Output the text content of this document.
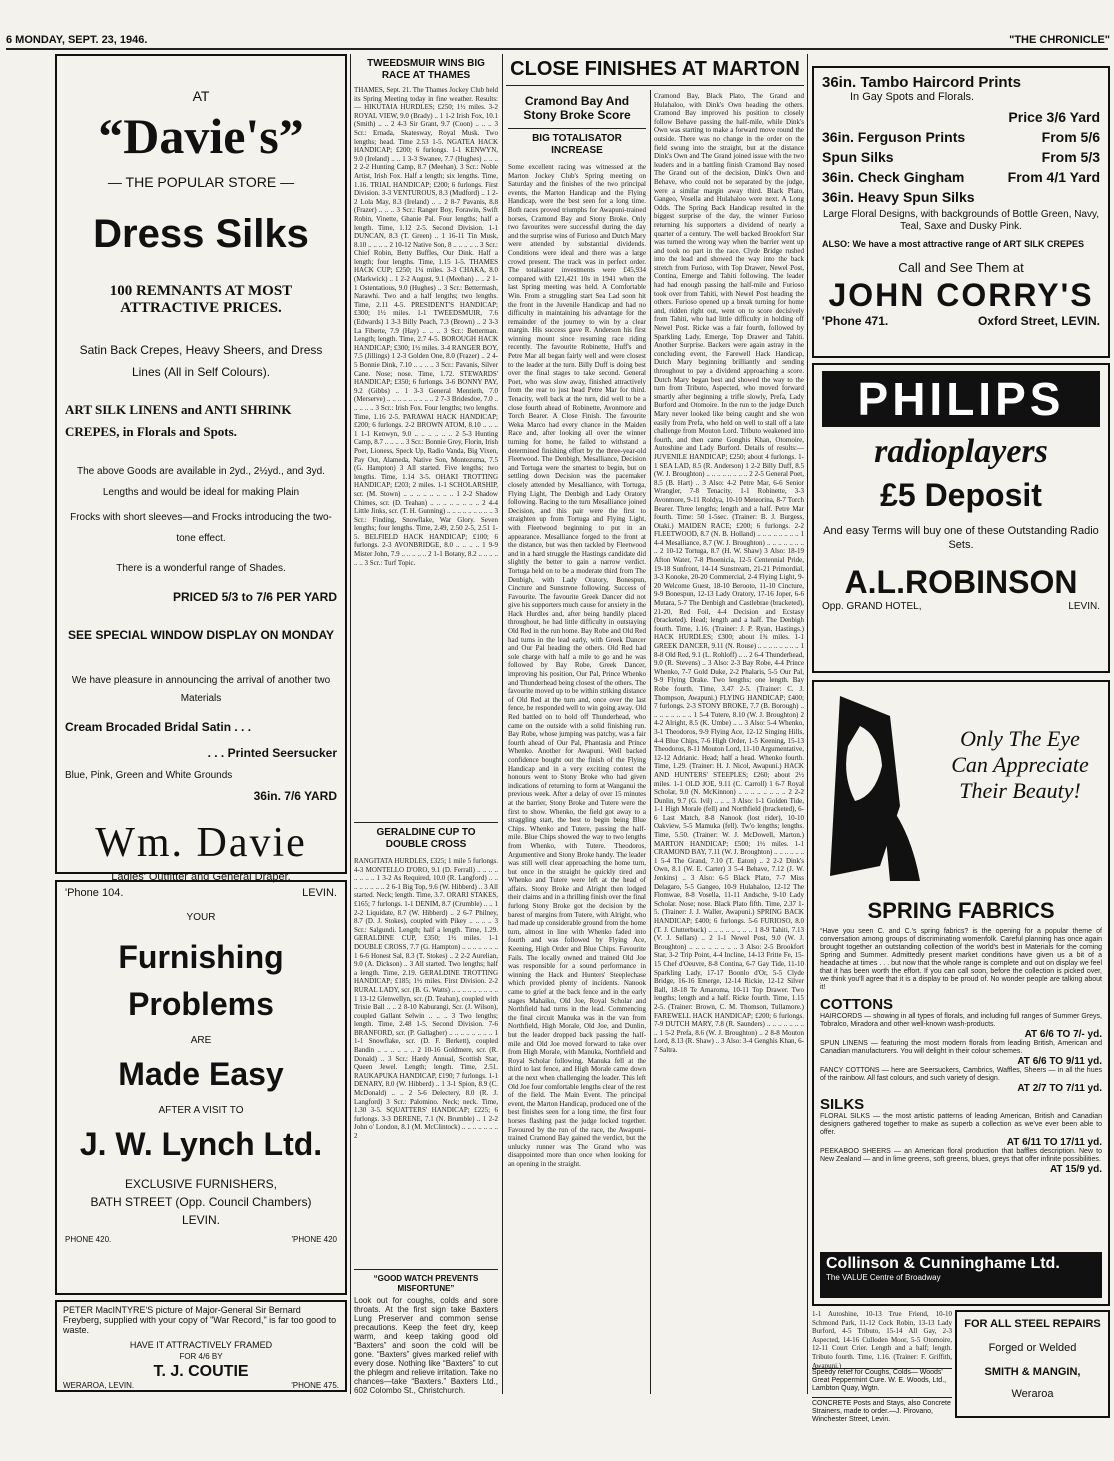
6 MONDAY, SEPT. 23, 1946.	"THE CHRONICLE"
AT
“Davie's”
— THE POPULAR STORE —
Dress Silks
100 REMNANTS AT MOST ATTRACTIVE PRICES.
Satin Back Crepes, Heavy Sheers, and Dress Lines (All in Self Colours).
ART SILK LINENS and ANTI SHRINK CREPES, in Florals and Spots.
The above Goods are available in 2yd., 2½yd., and 3yd. Lengths and would be ideal for making Plain
Frocks with short sleeves—and Frocks introducing the two-tone effect.
There is a wonderful range of Shades.
PRICED 5/3 to 7/6 PER YARD
SEE SPECIAL WINDOW DISPLAY ON MONDAY
We have pleasure in announcing the arrival of another two Materials
Cream Brocaded Bridal Satin . . .
. . . Printed Seersucker
Blue, Pink, Green and White Grounds
36in. 7/6 YARD
Wm. Davie
Ladies' Outfitter and General Draper.
'Phone 104.	LEVIN.
YOUR
Furnishing
Problems
ARE
Made Easy
AFTER A VISIT TO
J. W. Lynch Ltd.
EXCLUSIVE FURNISHERS,
BATH STREET (Opp. Council Chambers)
LEVIN.
PHONE 420.	'PHONE 420
PETER MacINTYRE'S picture of Major-General Sir Bernard Freyberg, supplied with your copy of "War Record," is far too good to waste.
HAVE IT ATTRACTIVELY FRAMED
FOR 4/6 BY
T. J. COUTIE
WERAROA, LEVIN.	'PHONE 475.
TWEEDSMUIR WINS BIG RACE AT THAMES
THAMES, Sept. 21. The Thames Jockey Club held its Spring Meeting today in fine weather. Results:— HIKUTAIA HURDLES; £250; 1½ miles. 3-2 ROYAL VIEW, 9.0 (Brady) .. 1 1-2 Irish Fox, 10.1 (Smith) .. .. 2 4-3 Sir Grant, 9.7 (Coon) .. .. .. 3 Scr.: Ernada, Skatesway, Royal Musk. Two lengths; head. Time 2.53 1-5. NGATEA HACK HANDICAP; £200; 6 furlongs. 1-1 KENWYN, 9.0 (Ireland) .. .. 1 3-3 Swanee, 7.7 (Hughes) .. .. .. 2 2-2 Hunting Camp, 8.7 (Meehan). 3 Scr.: Noble Artist, Irish Fox. Half a length; six lengths. Time, 1.16. TRIAL HANDICAP; £200; 6 furlongs. First Division. 3-3 VENTUROUS, 8.3 (Mudford) .. 1 2-2 Lola May, 8.3 (Ireland) .. .. 2 8-7 Pavanis, 8.8 (Frazer) .. .. .. 3 Scr.: Ranger Boy, Forawin, Swift Robin, Vinette, Ghanie Pal. Four lengths; half a length. Time, 1.12 2-5. Second Division. 1-1 DUNCAN, 8.3 (T. Green) .. 1 16-11 Tin Musk, 8.10 .. .. .. .. 2 10-12 Native Son, 8 .. .. .. .. .. 3 Scr.: Chief Robin, Betty Buffles, Our Dink. Half a length; four lengths. Time, 1.15 1-5. THAMES HACK CUP; £250; 1¼ miles. 3-3 CHAKA, 8.0 (Markwick) .. 1 2-2 August, 9.1 (Meehan) .. .. 2 1-1 Ostentatious, 9.0 (Hughes) .. 3 Scr.: Bettermash, Narawhi. Two and a half lengths; two lengths. Time, 2.11 4-5. PRESIDENT'S HANDICAP; £300; 1½ miles. 1-1 TWEEDSMUIR, 7.6 (Edwards) 1 3-3 Billy Peach, 7.3 (Brown) .. 2 3-3 La Fiberte, 7.9 (Hay) .. .. .. 3 Scr.: Betterman. Length; length. Time, 2.7 4-5. BOROUGH HACK HANDICAP; £300; 1½ miles. 3-4 RANGER BOY, 7.5 (Jillings) 1 2-3 Golden One, 8.0 (Frazer) .. 2 4-5 Bonnie Dink, 7.10 .. .. .. .. 3 Scr.: Pavanis, Silver Cane. Nose; nose. Time, 1.72. STEWARDS' HANDICAP; £350; 6 furlongs. 3-6 BONNY PAY, 9.2 (Gibbs) .. 1 3-3 General Mentieth, 7.0 (Merserve) .. .. .. .. .. .. .. .. .. 2 7-3 Bridesdoe, 7.0 .. .. .. .. .. 3 Scr.: Irish Fox. Four lengths; two lengths. Time, 1.16 2-5. PARAWAI HACK HANDICAP; £200; 6 furlongs. 2-2 BROWN ATOM, 8.10 .. .. .. 1 1-1 Kenwyn, 9.0 .. .. .. .. .. .. 2 5-3 Hunting Camp, 8.7 .. .. .. .. 3 Scr.: Bonnie Grey, Florin, Irish Poet, Lioness, Speck Up, Radio Vanda, Big Vixen, Pay Out, Alameda, Native Son, Montezuma, 7.5 (G. Hampton) 3 All started. Five lengths; two lengths. Time, 1.14 3-5. OHAKI TROTTING HANDICAP; £203; 2 miles. 1-1 SCHOLARSHIP, scr. (M. Stown) .. .. .. .. .. .. .. .. 1 2-2 Shadow Chimes, scr. (D. Teahan) .. .. .. .. .. .. .. .. 2 4-4 Little Jinks, scr. (T. H. Gunning) .. .. .. .. .. .. .. .. .. 3 Scr.: Finding, Snowflake, War Glory. Seven lengths; four lengths. Time, 2.49, 2.50 2-5, 2.51 1-5. BELFIELD HACK HANDICAP; £100; 6 furlongs. 2-3 AVONBRIDGE, 8.0 .. .. .. .. 1 9-9 Mister John, 7.9 .. .. .. .. .. 2 1-1 Botany, 8.2 .. .. .. .. .. .. 3 Scr.: Turf Topic.
GERALDINE CUP TO DOUBLE CROSS
RANGITATA HURDLES, £325; 1 mile 5 furlongs. 4-3 MONTELLO D'ORO, 9.1 (D. Ferrall) .. .. .. .. .. .. .. .. 1 3-2 As Required, 10.0 (R. Langford) .. .. .. .. .. .. .. .. 2 6-1 Big Top, 9.6 (W. Hibberd) .. 3 All started. Neck; length. Time, 3.7. ORARI STAKES, £165; 7 furlongs. 1-1 DENIM, 8.7 (Crumble) .. .. 1 2-2 Liquidate, 8.7 (W. Hibberd) .. 2 6-7 Philney, 8.7 (D. J. Stokes), coupled with Pikey .. .. .. .. 3 Scr.: Salgundi. Length; half a length. Time, 1.29. GERALDINE CUP, £350; 1½ miles. 1-1 DOUBLE CROSS, 7.7 (G. Hampton) .. .. .. .. .. .. .. 1 6-6 Honest Sal, 8.3 (T. Stokes) .. 2 2-2 Aurelian, 9.0 (A. Dickson) .. 3 All started. Two lengths; half a length. Time, 2.19. GERALDINE TROTTING HANDICAP; £185; 1½ miles. First Division. 2-2 RURAL LADY, scr. (B. G. Watts) .. .. .. .. .. .. .. .. .. 1 13-12 Glenwellyn, scr. (D. Teahan), coupled with Trixie Ball .. .. 2 8-10 Kaburangi, Scr. (J. Wilson), coupled Gallant Selwin .. .. .. 3 Two lengths; length. Time, 2.48 1-5. Second Division. 7-6 BRANFORD, scr. (P. Gallagher) .. .. .. .. .. .. .. .. 1 1-1 Snowflake, scr. (D. F. Berkett), coupled Bandin .. .. .. .. .. .. 2 10-16 Goldmere, scr. (R. Donald) .. 3 Scr.: Hardy Annual, Scottish Star, Queen Jewel. Length; length. Time, 2.51. RAUKAPUKA HANDICAP, £190; 7 furlongs. 1-1 DENARY, 8.0 (W. Hibberd) .. 1 3-1 Spion, 8.9 (C. McDonald) .. .. 2 5-6 Delectery, 8.0 (R. J. Langford) 3 Scr.: Palomino. Neck; neck. Time, 1.30 3-5. SQUATTERS' HANDICAP; £225; 6 furlongs. 3-3 DERENE, 7.1 (N. Brumble) .. 1 2-2 John o' London, 8.1 (M. McClintock) .. .. .. .. .. .. .. 2
“GOOD WATCH PREVENTS MISFORTUNE”
Look out for coughs, colds and sore throats. At the first sign take Baxters Lung Preserver and common sense precautions. Keep the feet dry, keep warm, and keep taking good old “Baxters” and soon the cold will be gone. “Baxters” gives marked relief with every dose. Nothing like “Baxters” to cut the phlegm and relieve irritation. Take no chances—take “Baxters.” Baxters Ltd., 602 Colombo St., Christchurch.
CLOSE FINISHES AT MARTON
Cramond Bay And Stony Broke Score
BIG TOTALISATOR INCREASE
Some excellent racing was witnessed at the Marton Jockey Club's Spring meeting on Saturday and the finishes of the two principal events, the Marton Handicap and the Flying Handicap, were the best seen for a long time. Both races proved triumphs for Awapuni-trained horses, Cramond Bay and Stony Broke. Only two favourites were successful during the day and the surprise wins of Furioso and Dutch Mary were attended by substantial dividends. Conditions were ideal and there was a large crowd present. The track was in perfect order. The totalisator investments were £45,934 compared with £21,421 10s in 1941 when the last Spring meeting was held. A Comfortable Win. From a struggling start Sea Lad soon hit the front in the Juvenile Handicap and had no difficulty in maintaining his advantage for the remainder of the journey to win by a clear margin. His success gave R. Anderson his first winning mount since resuming race riding recently. The favourite Robinette, Huff's and Petre Mar all began fairly well and were closest to the leader at the turn. Billy Duff is doing best over the final stages to take second. General Poet, who was slow away, finished attractively from the rear to just head Petre Mar for third. Tenacity, well back at the turn, did well to be a close fourth ahead of Robinette, Avonmore and Torch Bearer. A Close Finish. The favourite Weka Marco had every chance in the Maiden Race and, after looking all over the winner turning for home, he failed to withstand a determined finishing effort by the three-year-old Fleetwood. The Denbigh, Mesalliance, Decision and Tortuga were the smartest to begin, but on settling down Decision was the pacemaker closely attended by Mesalliance, with Tortuga, Flying Light, The Denbigh and Lady Oratory following. Racing to the turn Mesalliance joined Decision, and this pair were the first to straighten up from Tortuga and Flying Light, with Fleetwood beginning to put in an appearance. Mesalliance forged to the front at the distance, but was then tackled by Fleetwood and in a hard struggle the Hastings candidate did slightly the better to gain a narrow verdict. Tortuga held on to be a moderate third from The Denbigh, with Lady Oratory, Bonespun, Cincture and Sunstrene following. Success of Favourite. The favourite Greek Dancer did not give his supporters much cause for anxiety in the Hack Hurdles and, after being handily placed throughout, he had little difficulty in outstaying Old Red in the run home. Bay Robe and Old Red had turns in the lead early, with Greek Dancer and Our Pal heading the others. Old Red had sole charge with half a mile to go and he was followed by Bay Robe, Greek Dancer, improving his position, Our Pal, Prince Whenko and Thunderhead being closest of the others. The favourite moved up to be within striking distance of Old Red at the turn and, once over the last fence, he responded well to win going away. Old Red battled on to hold off Thunderhead, who came on the outside with a solid finishing run. Bay Robe, whose jumping was patchy, was a fair fourth ahead of Our Pal, Phantasia and Prince Whenko. Another for Awapuni. Well backed confidence bought out the finish of the Flying Handicap and in a very exciting contest the honours went to Stony Broke who had given indications of returning to form at Wanganui the previous week. After a delay of over 15 minutes at the barrier, Stony Broke and Tutere were the first to show. Whenko, the field got away to a straggling start, the best to begin being Blue Chips. Whenko and Tutere, passing the half-mile. Blue Chips showed the way to two lengths from Whenko, with Tutere. Theodoros, Argumentive and Stony Broke handy. The leader was still well clear approaching the home turn, but once in the straight he quickly tired and Whenko and Tutere were left at the head of affairs. Stony Broke and Alright then lodged their claims and in a thrilling finish over the final furlong Stony Broke got the decision by the barest of margins from Tutere, with Alright, who had made up considerable ground from the home turn, almost in line with Whenko faded into fourth and was followed by Flying Ace, Keening, High Order and Blue Chips. Favourite Fails. The locally owned and trained Old Joe was responsible for a sound performance in winning the Hack and Hunters' Steeplechase which provided plenty of incidents. Nanook came to grief at the back fence and in the early stages Mahaiko, Old Joe, Royal Scholar and Northfield had turns in the lead. Commencing the final circuit Manuka was in the van from Northfield, High Morale, Old Joe, and Dunlin, but the leader dropped back passing the half-mile and Old Joe moved forward to take over from High Morale, with Manuka, Northfield and Royal Scholar following. Manuka fell at the third to last fence, and High Morale came down at the next when challenging the leader. This left Old Joe four comfortable lengths clear of the rest of the field. The Main Event. The principal event, the Marton Handicap, produced one of the best finishes seen for a long time, the first four horses flashing past the judge locked together. Favoured by the run of the race, the Awapuni-trained Cramond Bay gained the verdict, but the unlucky runner was The Grand who was disappointed more than once when looking for an opening in the straight.
Cramond Bay, Black Plato, The Grand and Hulahaloo, with Dink's Own heading the others. Cramond Bay improved his position to closely follow Behave passing the half-mile, while Dink's Own was starting to make a forward move round the outside. There was no change in the order on the field swung into the straight, but at the distance Dink's Own and The Grand joined issue with the two leaders and in a battling finish Cramond Bay nosed The Grand out of the decision, Dink's Own and Behave, who could not be separated by the judge, were a similar margin away third. Black Plato, Gangeo, Vosella and Hulahaloo were next. A Long Odds. The Spring Back Handicap resulted in the biggest surprise of the day, the winner Furioso returning his supporters a dividend of nearly a quarter of a century. The well backed Brookfort Star was turned the wrong way when the barrier went up and took no part in the race. Clyde Bridge rushed into the lead and showed the way into the back stretch from Furioso, with Top Drawer, Newel Post, Contina, Emerge and Tahiti following. The leader had had enough passing the half-mile and Furioso took over from Tahiti, with Newel Post heading the others. Furioso opened up a break turning for home and, ridden right out, went on to score decisively from Tahiti, who had little difficulty in holding off Newel Post. Ricke was a fair fourth, followed by Sparkling Lady, Emerge, Top Drawer and Tahiti. Another Surprise. Backers were again astray in the concluding event, the Farewell Hack Handicap, Dutch Mary beginning brilliantly and sending throughout to pay a dividend approaching a score. Dutch Mary began best and showed the way to the turn from Tributo, Aspected, who moved forward smartly after beginning a trifle slowly, Prefa, Lady Burford and Otomoire. In the run to the judge Dutch Mary never looked like being caught and she won easily from Prefa, who held on well to stall off a late challenge from Mouton Lord. Tributo weakened into fourth, and then came Gonghis Khan, Otomoire, Autoshine and Lady Burford. Details of results:— JUVENILE HANDICAP; £250; about 4 furlongs. 1-1 SEA LAD, 8.5 (R. Anderson) 1 2-2 Billy Duff, 8.5 (W. J. Broughton) .. .. .. .. .. .. .. .. 2 2-5 General Poet, 8.5 (B. Hart) .. 3 Also: 4-2 Petre Mar, 6-6 Senior Wrangler, 7-8 Tenacity, 1-1 Robinette, 3-3 Avonmore, 9-11 Roldya, 10-10 Meteorina, 8-7 Torch Bearer. Three lengths; length and a half. Petre Mar fourth. Time: 50 1-5sec. (Trainer: B. J. Burgess, Otaki.) MAIDEN RACE; £200; 6 furlongs. 2-2 FLEETWOOD, 8.7 (N. B. Holland) .. .. .. .. .. .. .. .. 1 4-4 Mesalliance, 8.7 (W. J. Broughton) .. .. .. .. .. .. .. .. 2 10-12 Tortuga, 8.7 (H. W. Shaw) 3 Also: 18-19 Afton Water, 7-8 Phoenicia, 12-5 Centennial Pride, 19-18 Sunfront, 14-14 Sunstream, 21-21 Primordial, 3-3 Konoke, 20-20 Commercial, 2-4 Flying Light, 9-20 Welcome Guest, 18-10 Berooto, 11-10 Cincture, 9-9 Bonespun, 12-13 Lady Oratory, 17-16 Joper, 6-6 Mutara, 5-7 The Denbigh and Castlebrae (bracketed), 21-20, Red Foil, 4-4 Decision and Ecstasy (bracketed). Head; length and a half. The Denbigh fourth. Time, 1.16. (Trainer: J. P. Ryan, Hastings.) HACK HURDLES; £300; about 1¾ miles. 1-1 GREEK DANCER, 9.11 (N. Rouse) .. .. .. .. .. .. .. .. 1 8-8 Old Red, 9.1 (L. Rohloff) .. .. 2 6-4 Thunderhead, 9.0 (R. Stevens) .. 3 Also: 2-3 Bay Robe, 4-4 Prince Whenko, 7-7 Gold Duke, 2-2 Phalaris, 5-5 Our Pal, 9-9 Flying Drake. Two lengths; one length. Bay Robe fourth. Time, 3.47 2-5. (Trainer: C. J. Thompson, Awapuni.) FLYING HANDICAP; £400; 7 furlongs. 2-3 STONY BROKE, 7.7 (B. Borough) .. .. .. .. .. .. .. .. 1 5-4 Tutere, 8.10 (W. J. Broughton) 2 4-2 Alright, 8.5 (K. Umbe) .. .. 3 Also: 5-4 Whenko, 3-1 Theodoros, 9-9 Flying Ace, 12-12 Singing Hills, 4-4 Blue Chips, 7-6 High Order, 1-5 Keening, 15-13 Theodoros, 8-11 Mouton Lord, 11-10 Argumentative, 12-12 Adrianic. Head; half a head. Whenko fourth. Time, 1.29. (Trainer: H. J. Nicol, Awapuni.) HACK AND HUNTERS' STEEPLES; £260; about 2½ miles. 1-1 OLD JOE, 9.11 (C. Carroll) 1 6-7 Royal Scholar, 9.0 (N. McKinnon) .. .. .. .. .. .. .. .. 2 2-2 Dunlin, 9.7 (G. Ivil) .. .. .. 3 Also: 1-1 Golden Tide, 1-1 High Morale (fell) and Northfield (bracketed), 6-6 Last Match, 8-8 Nanook (lost rider), 10-10 Oakview, 5-5 Mamuka (fell). Tw'o lengths; lengths. Time, 5.50. (Trainer: W. J. McDowell, Marton.) MARTON HANDICAP; £500; 1½ miles. 1-1 CRAMOND BAY, 7.11 (W. J. Broughton) .. .. .. .. .. .. 1 5-4 The Grand, 7.10 (T. Eaton) .. 2 2-2 Dink's Own, 8.1 (W. E. Carter) 3 5-4 Behave, 7.12 (J. W. Jenkins) .. 3 Also: 6-5 Black Plato, 7-7 Miss Delagaro, 5-5 Gangeo, 10-9 Hulahaloo, 12-12 The Flomwae, 8-8 Vosella, 11-11 Andsche, 9-10 Lady Scholar. Nose; nose. Black Plato fifth. Time, 2.37 1-5. (Trainer: J. J. Waller, Awapuni.) SPRING BACK HANDICAP; £400; 6 furlongs. 5-6 FURIOSO, 8.0 (T. J. Clutterbuck) .. .. .. .. .. .. .. .. 1 8-9 Tahiti, 7.13 (V. J. Sellars) .. 2 1-1 Newel Post, 9.0 (W. J. Broughton) .. .. .. .. .. .. .. .. 3 Also: 2-5 Brookfort Star, 3-2 Trip Point, 4-4 Incline, 14-13 Fritte Fe, 15-15 Chef d'Oeuvre, 8-8 Contina, 6-7 Gay Tide, 11-10 Sparkling Lady, 17-17 Boonlo d'Or, 5-5 Clyde Bridge, 16-16 Emerge, 12-14 Rickie, 12-12 Silver Ball, 18-18 Te Amaroma, 10-11 Top Drawer. Two lengths; length and a half. Ricke fourth. Time, 1.15 2-5. (Trainer: Brown, C. M. Thomson, Tullamore.) FAREWELL HACK HANDICAP; £200; 6 furlongs. 7-9 DUTCH MARY, 7.8 (R. Saunders) .. .. .. .. .. .. .. .. 1 5-2 Prefa, 8.6 (W. J. Broughton) .. 2 8-8 Mouton Lord, 8.13 (R. Shaw) .. 3 Also: 3-4 Genghis Khan, 6-7 Saltra.
36in. Tambo Haircord Prints
In Gay Spots and Florals.
Price 3/6 Yard
36in. Ferguson Prints	From 5/6
Spun Silks	From 5/3
36in. Check Gingham	From 4/1 Yard
36in. Heavy Spun Silks
Large Floral Designs, with backgrounds of Bottle Green, Navy, Teal, Saxe and Dusky Pink.
ALSO: We have a most attractive range of ART SILK CREPES
Call and See Them at
JOHN CORRY'S
'Phone 471.	Oxford Street, LEVIN.
PHILIPS
radioplayers
£5 Deposit
And easy Terms will buy one of these Outstanding Radio Sets.
A.L.ROBINSON
Opp. GRAND HOTEL,	LEVIN.
Only The Eye Can Appreciate Their Beauty!
SPRING FABRICS
“Have you seen C. and C.'s spring fabrics? is the opening for a popular theme of conversation among groups of discriminating womenfolk. Careful planning has once again brought together an outstanding collection of the world's best in Materials for the coming Spring and Summer. Admittedly present market conditions have given us a bit of a headache at times . . . but now that the whole range is complete and out on display we feel that it has been worth the effort. If you can call soon, before the collection is picked over, we think you'll agree that it is a display to be proud of. No wonder people are talking about it!
COTTONS
HAIRCORDS — showing in all types of florals, and including full ranges of Summer Greys, Tobralco, Miradora and other well-known wash-products.
AT 6/6 TO 7/- yd.
SPUN LINENS — featuring the most modern florals from leading British, American and Canadian manufacturers. You will delight in their colour schemes.
AT 6/6 TO 9/11 yd.
FANCY COTTONS — here are Seersuckers, Cambrics, Waffles, Sheers — in all the hues of the rainbow. All fast colours, and such variety of design.
AT 2/7 TO 7/11 yd.
SILKS
FLORAL SILKS — the most artistic patterns of leading American, British and Canadian designers gathered together to make as superb a collection as we've ever been able to offer.
AT 6/11 TO 17/11 yd.
PEEKABOO SHEERS — an American floral production that baffles description. New to New Zealand — and in lime greens, soft greens, blues, greys that offer infinite possibilities.
AT 15/9 yd.
Collinson & Cunninghame Ltd.
The VALUE Centre of Broadway
1-1 Autoshine, 10-13 True Friend, 10-10 Schmond Park, 11-12 Cock Robin, 13-13 Lady Burford, 4-5 Tributo, 15-14 All Gay, 2-3 Aspected, 14-16 Culloden Moor, 5-5 Otomoire, 12-11 Court Crier. Length and a half; length. Tributo fourth. Time, 1.16. (Trainer: F. Griffith, Awapuni.)
Speedy relief for Coughs, Colds— Woods' Great Peppermint Cure. W. E. Woods, Ltd., Lambton Quay, Wgtn.
CONCRETE Posts and Stays, also Concrete Strainers, made to order.—J. Pirovano, Winchester Street, Levin.
FOR ALL STEEL REPAIRS
Forged or Welded
SMITH & MANGIN,
Weraroa
